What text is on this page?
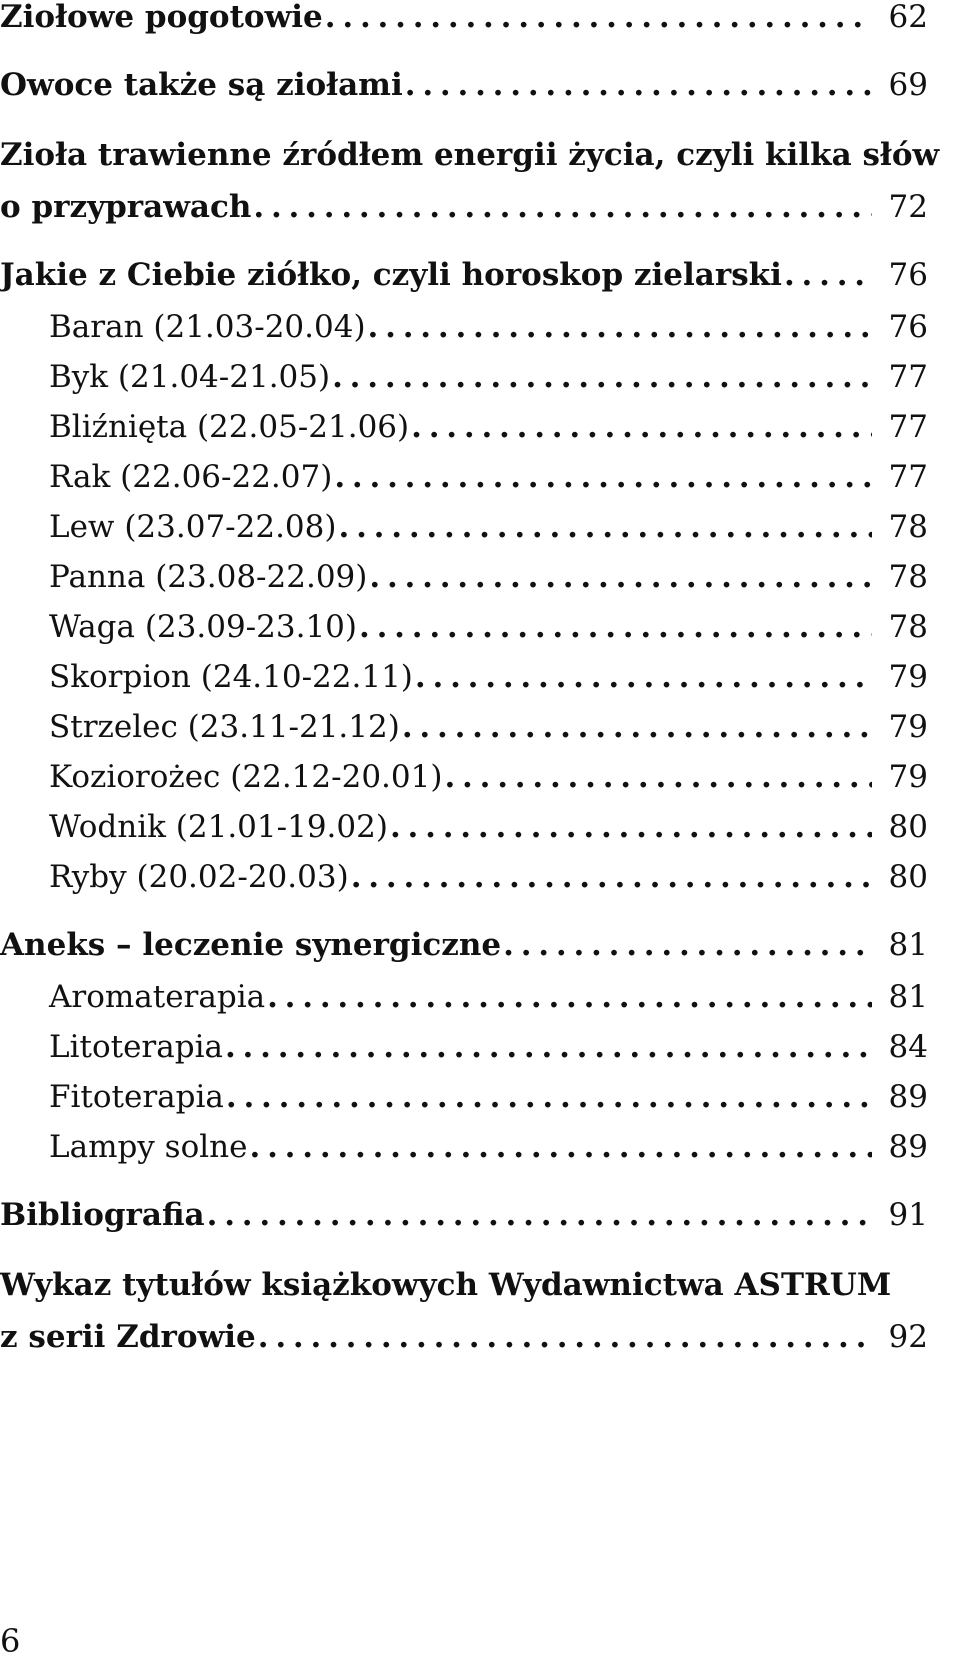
Ziołowe pogotowie . . .	62
Owoce także są ziołami . . .	69
Zioła trawienne źródłem energii życia, czyli kilka słów
o przyprawach . . .	72
Jakie z Ciebie ziółko, czyli horoskop zielarski . . .	76
Baran (21.03-20.04) . . .	76
Byk (21.04-21.05) . . .	77
Bliźnięta (22.05-21.06) . . .	77
Rak (22.06-22.07) . . .	77
Lew (23.07-22.08) . . .	78
Panna (23.08-22.09) . . .	78
Waga (23.09-23.10) . . .	78
Skorpion (24.10-22.11) . . .	79
Strzelec (23.11-21.12) . . .	79
Koziorożec (22.12-20.01) . . .	79
Wodnik (21.01-19.02) . . .	80
Ryby (20.02-20.03) . . .	80
Aneks – leczenie synergiczne . . .	81
Aromaterapia . . .	81
Litoterapia . . .	84
Fitoterapia . . .	89
Lampy solne . . .	89
Bibliografia . . .	91
Wykaz tytułów książkowych Wydawnictwa ASTRUM
z serii Zdrowie . . .	92
6
